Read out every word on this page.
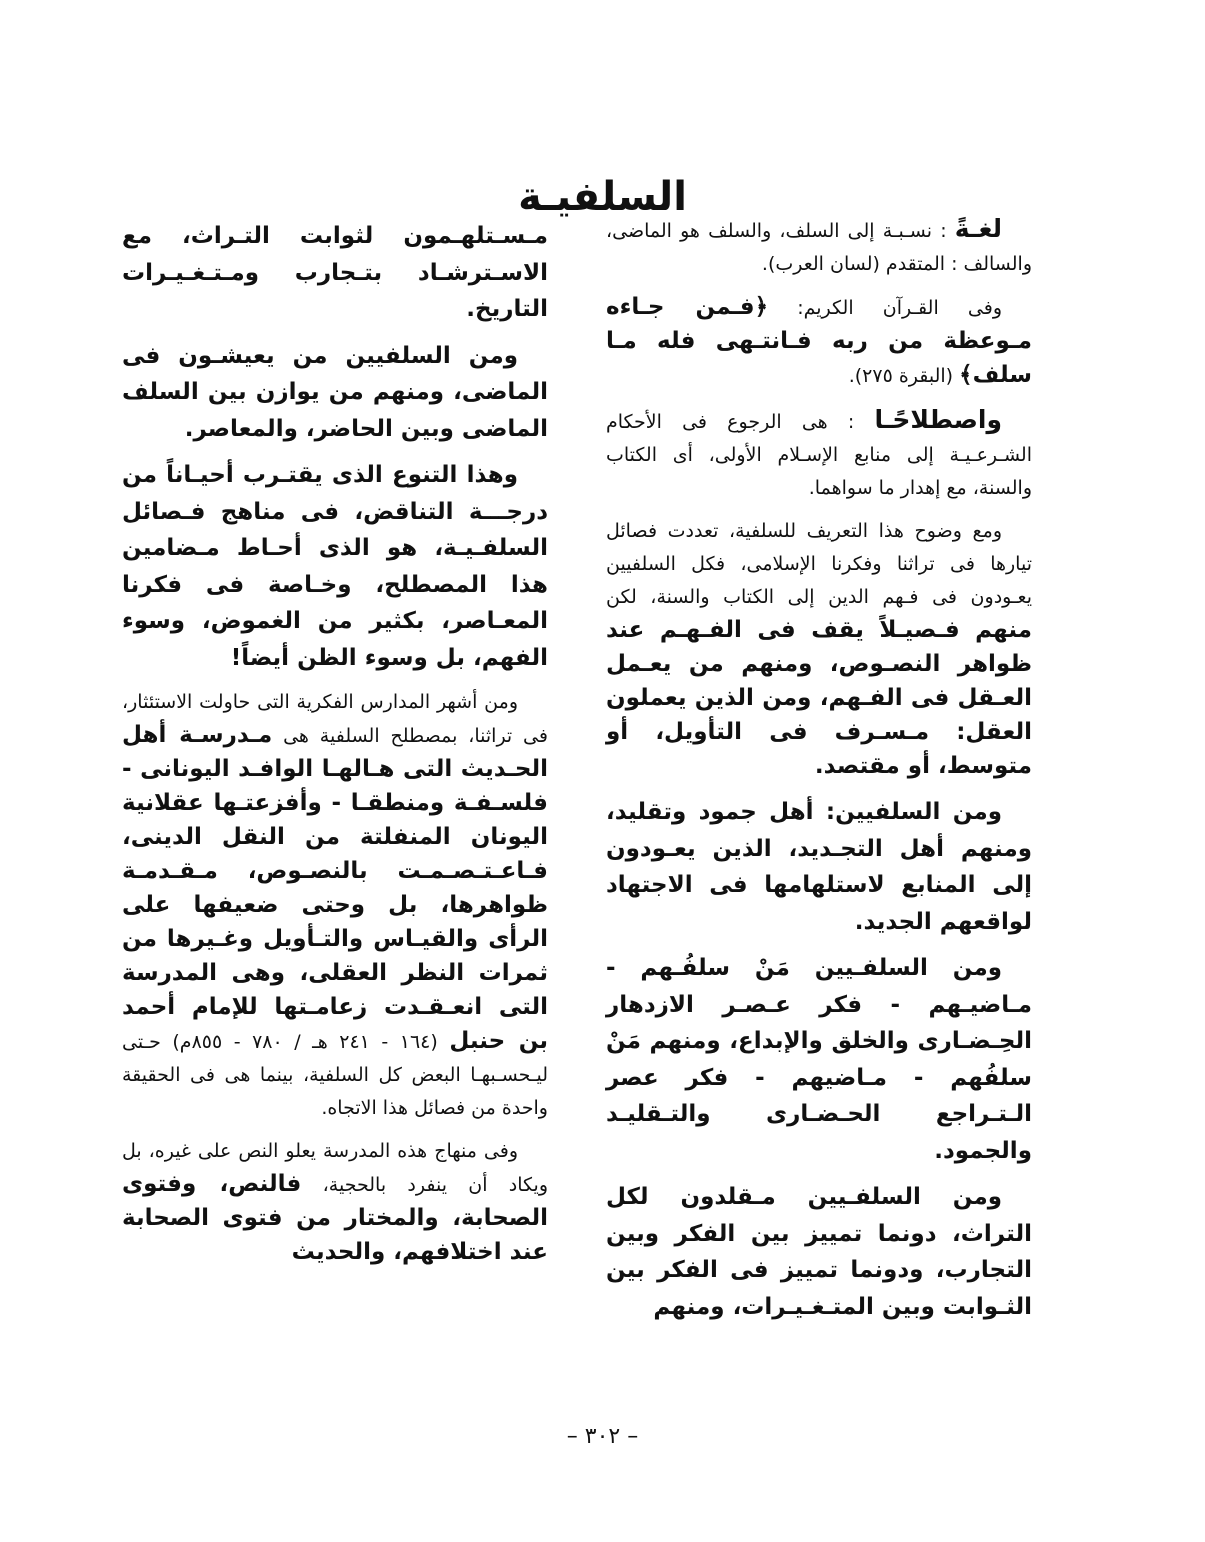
السلفيـة

لغـةً : نسـبـة إلى السلف، والسلف هو الماضى، والسالف : المتقدم (لسان العرب).

وفى القـرآن الكريم: ﴿فـمن جـاءه مـوعظة من ربه فـانتـهى فله مـا سلف﴾ (البقرة ٢٧٥).

واصطلاحًـا : هى الرجوع فى الأحكام الشـرعـيـة إلى منابع الإسـلام الأولى، أى الكتاب والسنة، مع إهدار ما سواهما.

ومع وضوح هذا التعريف للسلفية، تعددت فصائل تيارها فى تراثنا وفكرنا الإسلامى، فكل السلفيين يعـودون فى فـهم الدين إلى الكتاب والسنة، لكن منهم فـصيـلاً يقف فى الفـهـم عند ظواهر النصـوص، ومنهم من يعـمل العـقل فى الفـهم، ومن الذين يعملون العقل: مـسـرف فى التأويل، أو متوسط، أو مقتصد.

ومن السلفيين: أهل جمود وتقليد، ومنهم أهل التجـديد، الذين يعـودون إلى المنابع لاستلهامها فى الاجتهاد لواقعهم الجديد.

ومن السلفـيين مَنْ سلفُـهم - مـاضيـهم - فكر عـصـر الازدهار الحِـضـارى والخلق والإبداع، ومنهم مَنْ سلفُهم - مـاضيهم - فكر عصر الـتـراجع الحـضـارى والتـقليـد والجمود.

ومن السلفـيين مـقلدون لكل التراث، دونما تمييز بين الفكر وبين التجارب، ودونما تمييز فى الفكر بين الثـوابت وبين المتـغـيـرات، ومنهم

مـسـتلهـمون لثوابت التـراث، مع الاسـترشـاد بتـجارب ومـتـغـيـرات التاريخ.

ومن السلفيين من يعيشـون فى الماضى، ومنهم من يوازن بين السلف الماضى وبين الحاضر، والمعاصر.

وهذا التنوع الذى يقتـرب أحيـاناً من درجـــة التناقض، فى مناهج فـصائل السلفـيـة، هو الذى أحـاط مـضامين هذا المصطلح، وخـاصة فى فكرنا المعـاصر، بكثير من الغموض، وسوء الفهم، بل وسوء الظن أيضاً!

ومن أشهر المدارس الفكرية التى حاولت الاستئثار، فى تراثنا، بمصطلح السلفية هى مـدرسـة أهل الحـديث التى هـالهـا الوافـد اليونانى - فلسـفـة ومنطقـا - وأفزعتـها عقلانية اليونان المنفلتة من النقل الدينى، فـاعـتـصـمـت بالنصـوص، مـقـدمـة ظواهرها، بل وحتى ضعيفها على الرأى والقيـاس والتـأويل وغـيرها من ثمرات النظر العقلى، وهى المدرسة التى انعـقـدت زعامـتها للإمام أحمد بن حنبل (١٦٤ - ٢٤١ هـ / ٧٨٠ - ٨٥٥م) حـتى ليـحسـبهـا البعض كل السلفية، بينما هى فى الحقيقة واحدة من فصائل هذا الاتجاه.

وفى منهاج هذه المدرسة يعلو النص على غيره، بل ويكاد أن ينفرد بالحجية، فالنص، وفتوى الصحابة، والمختار من فتوى الصحابة عند اختلافهم، والحديث

– ٣٠٢ –
